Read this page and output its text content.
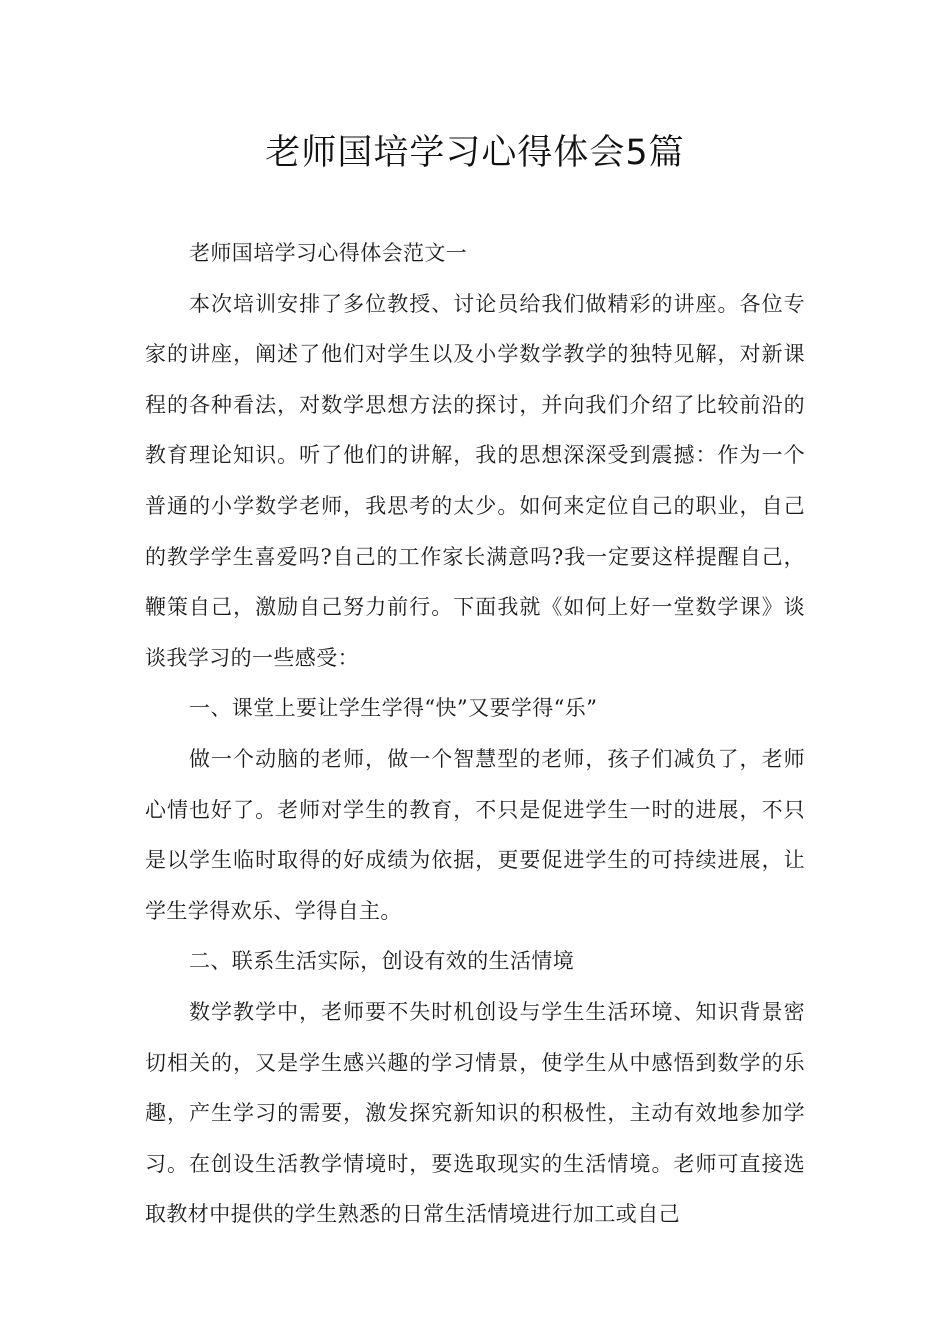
老师国培学习心得体会5篇

老师国培学习心得体会范文一

本次培训安排了多位教授、讨论员给我们做精彩的讲座。各位专家的讲座，阐述了他们对学生以及小学数学教学的独特见解，对新课程的各种看法，对数学思想方法的探讨，并向我们介绍了比较前沿的教育理论知识。听了他们的讲解，我的思想深深受到震撼：作为一个普通的小学数学老师，我思考的太少。如何来定位自己的职业，自己的教学学生喜爱吗?自己的工作家长满意吗?我一定要这样提醒自己，鞭策自己，激励自己努力前行。下面我就《如何上好一堂数学课》谈谈我学习的一些感受：

一、课堂上要让学生学得“快”又要学得“乐”

做一个动脑的老师，做一个智慧型的老师，孩子们减负了，老师心情也好了。老师对学生的教育，不只是促进学生一时的进展，不只是以学生临时取得的好成绩为依据，更要促进学生的可持续进展，让学生学得欢乐、学得自主。

二、联系生活实际，创设有效的生活情境

数学教学中，老师要不失时机创设与学生生活环境、知识背景密切相关的，又是学生感兴趣的学习情景，使学生从中感悟到数学的乐趣，产生学习的需要，激发探究新知识的积极性，主动有效地参加学习。在创设生活教学情境时，要选取现实的生活情境。老师可直接选取教材中提供的学生熟悉的日常生活情境进行加工或自己
